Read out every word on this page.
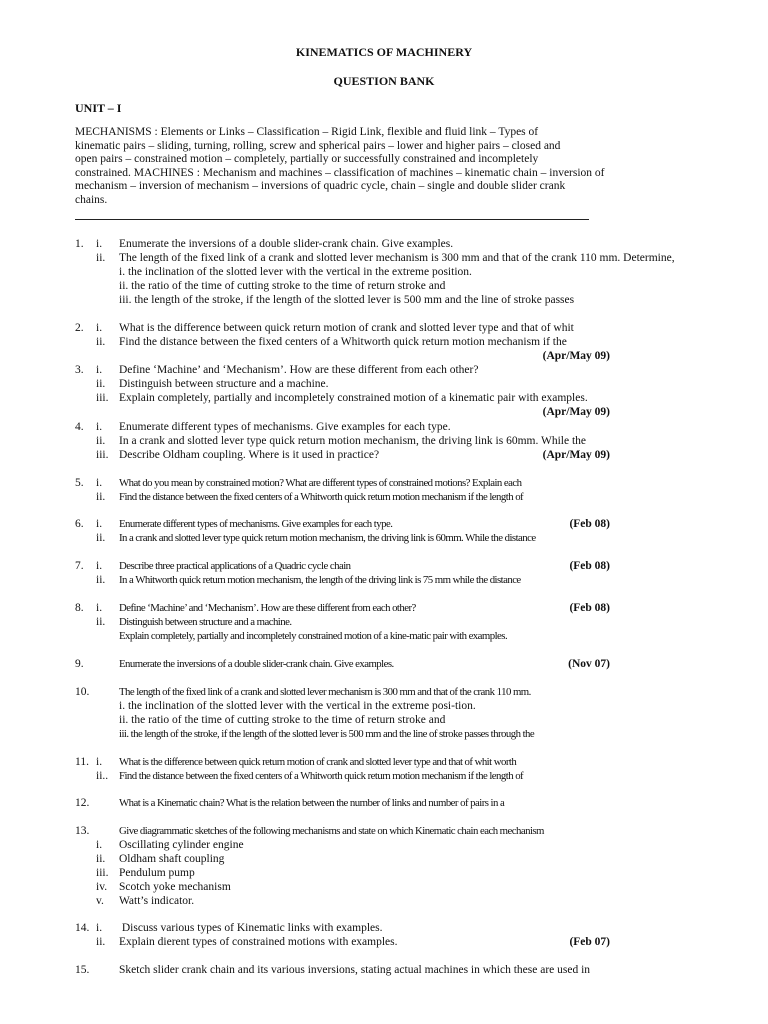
KINEMATICS OF MACHINERY
QUESTION BANK
UNIT – I
MECHANISMS : Elements or Links – Classification – Rigid Link, flexible and fluid link – Types of
kinematic pairs – sliding, turning, rolling, screw and spherical pairs – lower and higher pairs – closed and
open pairs – constrained motion – completely, partially or successfully constrained and incompletely
constrained. MACHINES : Mechanism and machines – classification of machines – kinematic chain – inversion of
mechanism – inversion of mechanism – inversions of quadric cycle, chain – single and double slider crank
chains.
1. i.	Enumerate the inversions of a double slider-crank chain. Give examples.
ii.	The length of the fixed link of a crank and slotted lever mechanism is 300 mm and that of the crank 110 mm. Determine,
i. the inclination of the slotted lever with the vertical in the extreme position.
ii. the ratio of the time of cutting stroke to the time of return stroke and
iii. the length of the stroke, if the length of the slotted lever is 500 mm and the line of stroke passes
2. i.	What is the difference between quick return motion of crank and slotted lever type and that of whit
ii.	Find the distance between the fixed centers of a Whitworth quick return motion mechanism if the
(Apr/May 09)
3. i.	Define ‘Machine’ and ‘Mechanism’. How are these different from each other?
ii.	Distinguish between structure and a machine.
iii. Explain completely, partially and incompletely constrained motion of a kinematic pair with examples.
(Apr/May 09)
4. i.	Enumerate different types of mechanisms. Give examples for each type.
ii.	In a crank and slotted lever type quick return motion mechanism, the driving link is 60mm. While the
iii. Describe Oldham coupling. Where is it used in practice?	(Apr/May 09)
5. i.	What do you mean by constrained motion? What are different types of constrained motions? Explain each
ii.	Find the distance between the fixed centers of a Whitworth quick return motion mechanism if the length of
6. i.	Enumerate different types of mechanisms. Give examples for each type.	(Feb 08)
ii.	In a crank and slotted lever type quick return motion mechanism, the driving link is 60mm. While the distance
7. i.	Describe three practical applications of a Quadric cycle chain	(Feb 08)
ii.	In a Whitworth quick return motion mechanism, the length of the driving link is 75 mm while the distance
8. i.	Define ‘Machine’ and ‘Mechanism’. How are these different from each other?	(Feb 08)
ii.	Distinguish between structure and a machine.
Explain completely, partially and incompletely constrained motion of a kine-matic pair with examples.
9.	Enumerate the inversions of a double slider-crank chain. Give examples.	(Nov 07)
10.	The length of the fixed link of a crank and slotted lever mechanism is 300 mm and that of the crank 110 mm.
i. the inclination of the slotted lever with the vertical in the extreme posi-tion.
ii. the ratio of the time of cutting stroke to the time of return stroke and
iii. the length of the stroke, if the length of the slotted lever is 500 mm and the line of stroke passes through the
11. i.	What is the difference between quick return motion of crank and slotted lever type and that of whit worth
ii..	Find the distance between the fixed centers of a Whitworth quick return motion mechanism if the length of
12.	What is a Kinematic chain? What is the relation between the number of links and number of pairs in a
13.	Give diagrammatic sketches of the following mechanisms and state on which Kinematic chain each mechanism
i.	Oscillating cylinder engine
ii.	Oldham shaft coupling
iii. Pendulum pump
iv.	Scotch yoke mechanism
v.	Watt’s indicator.
14. i.	Discuss various types of Kinematic links with examples.
ii.	Explain dierent types of constrained motions with examples.	(Feb 07)
15.	Sketch slider crank chain and its various inversions, stating actual machines in which these are used in
